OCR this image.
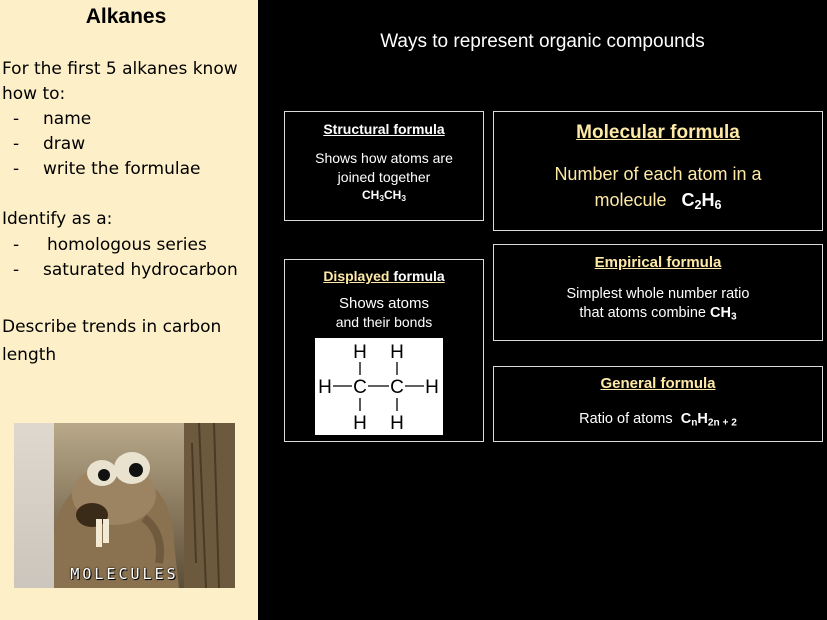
Alkanes
For the first 5 alkanes know
how to:
- name
- draw
- write the formulae
Identify as a:
- homologous series
- saturated hydrocarbon
Describe trends in carbon
length
MOLECULES
Ways to represent organic compounds
Structural formula
Shows how atoms are
joined together
$CH_3CH_3$
Molecular formula
Number of each atom in a
molecule $C_2H_6$
Displayed formula
Shows atoms
and their bonds
H H
H C C H
H H
Empirical formula
Simplest whole number ratio
that atoms combine $CH_3$
General formula
Ratio of atoms $C_nH_{2n + 2}$
